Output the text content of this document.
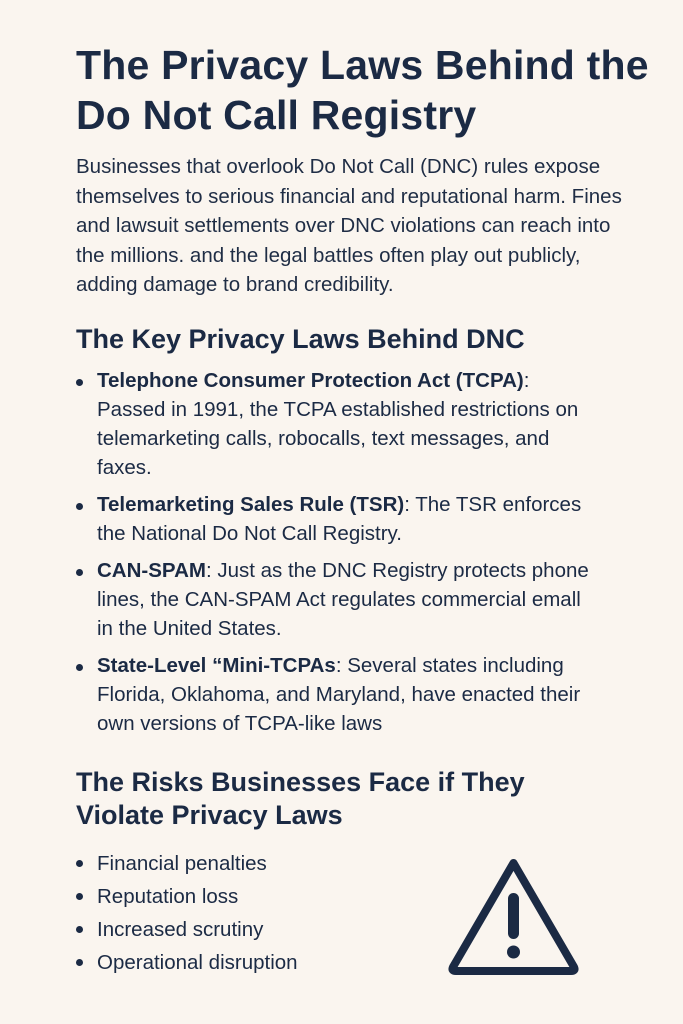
The Privacy Laws Behind the Do Not Call Registry

Businesses that overlook Do Not Call (DNC) rules expose themselves to serious financial and reputational harm. Fines and lawsuit settlements over DNC violations can reach into the millions. and the legal battles often play out publicly, adding damage to brand credibility.

The Key Privacy Laws Behind DNC
Telephone Consumer Protection Act (TCPA): Passed in 1991, the TCPA established restrictions on telemarketing calls, robocalls, text messages, and faxes.
Telemarketing Sales Rule (TSR): The TSR enforces the National Do Not Call Registry.
CAN-SPAM: Just as the DNC Registry protects phone lines, the CAN-SPAM Act regulates commercial emall in the United States.
State-Level “Mini-TCPAs: Several states including Florida, Oklahoma, and Maryland, have enacted their own versions of TCPA-like laws
The Risks Businesses Face if They Violate Privacy Laws
Financial penalties
Reputation loss
Increased scrutiny
Operational disruption
